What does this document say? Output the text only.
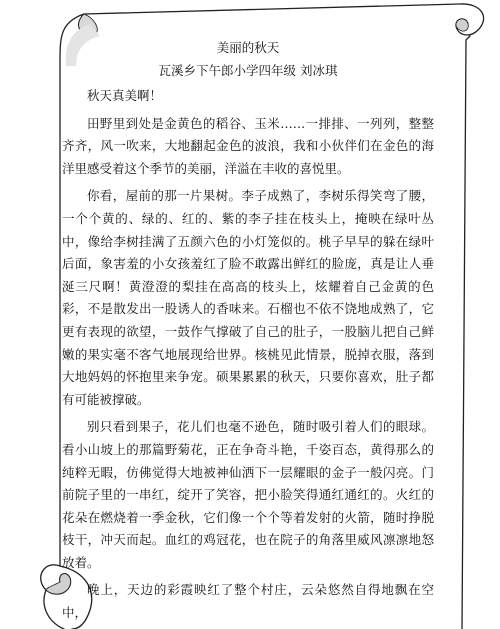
美丽的秋天
瓦溪乡下午郎小学四年级 刘冰琪

秋天真美啊！

田野里到处是金黄色的稻谷、玉米……一排排、一列列，整整齐齐，风一吹来，大地翻起金色的波浪，我和小伙伴们在金色的海洋里感受着这个季节的美丽，洋溢在丰收的喜悦里。

你看，屋前的那一片果树。李子成熟了，李树乐得笑弯了腰，一个个黄的、绿的、红的、紫的李子挂在枝头上，掩映在绿叶丛中，像给李树挂满了五颜六色的小灯笼似的。桃子早早的躲在绿叶后面，象害羞的小女孩羞红了脸不敢露出鲜红的脸庞，真是让人垂涎三尺啊！黄澄澄的梨挂在高高的枝头上，炫耀着自己金黄的色彩，不是散发出一股诱人的香味来。石榴也不依不饶地成熟了，它更有表现的欲望，一鼓作气撑破了自己的肚子，一股脑儿把自己鲜嫩的果实毫不客气地展现给世界。核桃见此情景，脱掉衣服，落到大地妈妈的怀抱里来争宠。硕果累累的秋天，只要你喜欢，肚子都有可能被撑破。

别只看到果子，花儿们也毫不逊色，随时吸引着人们的眼球。看小山坡上的那篇野菊花，正在争奇斗艳，千姿百态，黄得那么的纯粹无暇，仿佛觉得大地被神仙洒下一层耀眼的金子一般闪亮。门前院子里的一串红，绽开了笑容，把小脸笑得通红通红的。火红的花朵在燃烧着一季金秋，它们像一个个等着发射的火箭，随时挣脱枝干，冲天而起。血红的鸡冠花，也在院子的角落里威风凛凛地怒放着。

晚上，天边的彩霞映红了整个村庄，云朵悠然自得地飘在空中，
